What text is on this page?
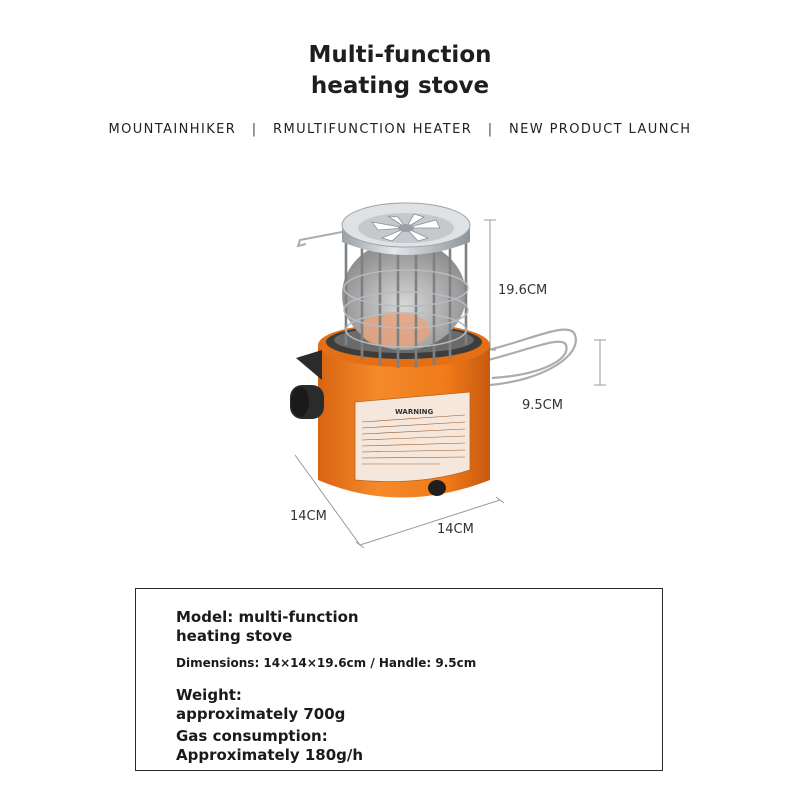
Multi-function
heating stove
MOUNTAINHIKER | RMULTIFUNCTION HEATER | NEW PRODUCT LAUNCH
WARNING
19.6CM
9.5CM
14CM
14CM
Model: multi-function
heating stove
Dimensions: 14×14×19.6cm / Handle: 9.5cm
Weight:
approximately 700g
Gas consumption:
Approximately 180g/h
